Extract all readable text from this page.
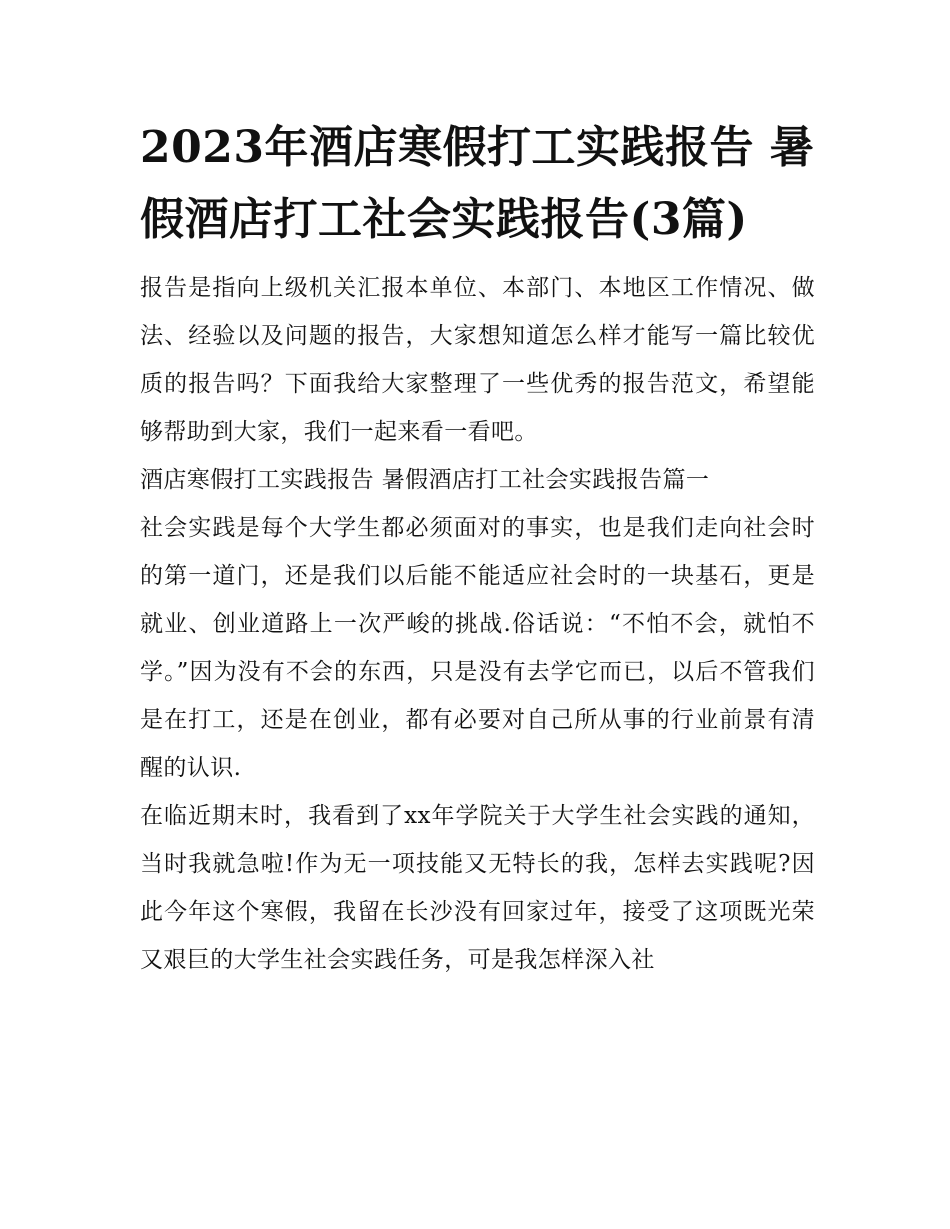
2023年酒店寒假打工实践报告 暑假酒店打工社会实践报告(3篇)

报告是指向上级机关汇报本单位、本部门、本地区工作情况、做法、经验以及问题的报告，大家想知道怎么样才能写一篇比较优质的报告吗？下面我给大家整理了一些优秀的报告范文，希望能够帮助到大家，我们一起来看一看吧。

酒店寒假打工实践报告 暑假酒店打工社会实践报告篇一

社会实践是每个大学生都必须面对的事实，也是我们走向社会时的第一道门，还是我们以后能不能适应社会时的一块基石，更是就业、创业道路上一次严峻的挑战.俗话说：“不怕不会，就怕不学。”因为没有不会的东西，只是没有去学它而已，以后不管我们是在打工，还是在创业，都有必要对自己所从事的行业前景有清醒的认识.

在临近期末时，我看到了xx年学院关于大学生社会实践的通知，当时我就急啦!作为无一项技能又无特长的我，怎样去实践呢?因此今年这个寒假，我留在长沙没有回家过年，接受了这项既光荣又艰巨的大学生社会实践任务，可是我怎样深入社
